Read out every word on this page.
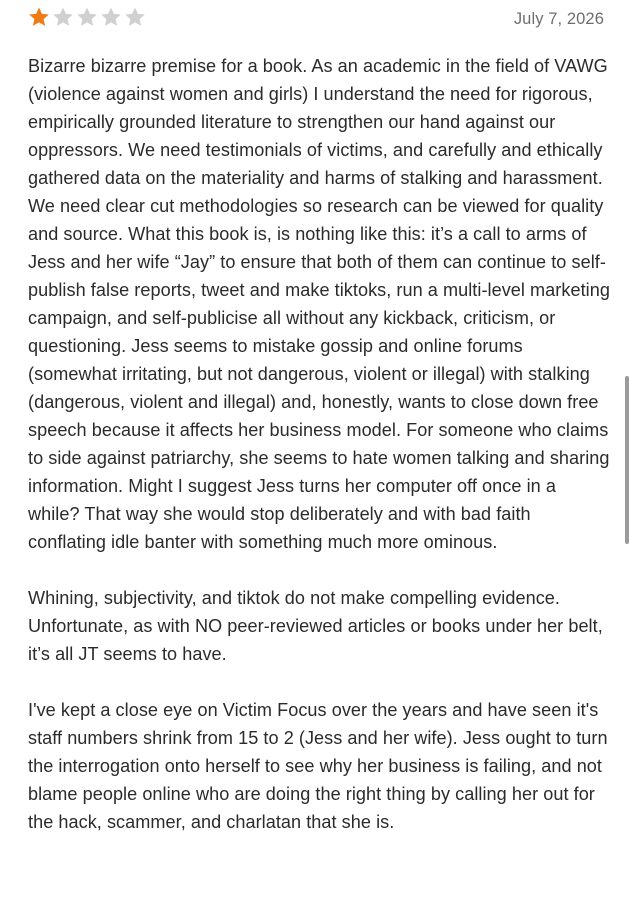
July 7, 2026

Bizarre bizarre premise for a book. As an academic in the field of VAWG (violence against women and girls) I understand the need for rigorous, empirically grounded literature to strengthen our hand against our oppressors. We need testimonials of victims, and carefully and ethically gathered data on the materiality and harms of stalking and harassment. We need clear cut methodologies so research can be viewed for quality and source. What this book is, is nothing like this: it’s a call to arms of Jess and her wife “Jay” to ensure that both of them can continue to self-publish false reports, tweet and make tiktoks, run a multi-level marketing campaign, and self-publicise all without any kickback, criticism, or questioning. Jess seems to mistake gossip and online forums (somewhat irritating, but not dangerous, violent or illegal) with stalking (dangerous, violent and illegal) and, honestly, wants to close down free speech because it affects her business model. For someone who claims to side against patriarchy, she seems to hate women talking and sharing information. Might I suggest Jess turns her computer off once in a while? That way she would stop deliberately and with bad faith conflating idle banter with something much more ominous.

Whining, subjectivity, and tiktok do not make compelling evidence. Unfortunate, as with NO peer-reviewed articles or books under her belt, it’s all JT seems to have.

I've kept a close eye on Victim Focus over the years and have seen it's staff numbers shrink from 15 to 2 (Jess and her wife). Jess ought to turn the interrogation onto herself to see why her business is failing, and not blame people online who are doing the right thing by calling her out for the hack, scammer, and charlatan that she is.
